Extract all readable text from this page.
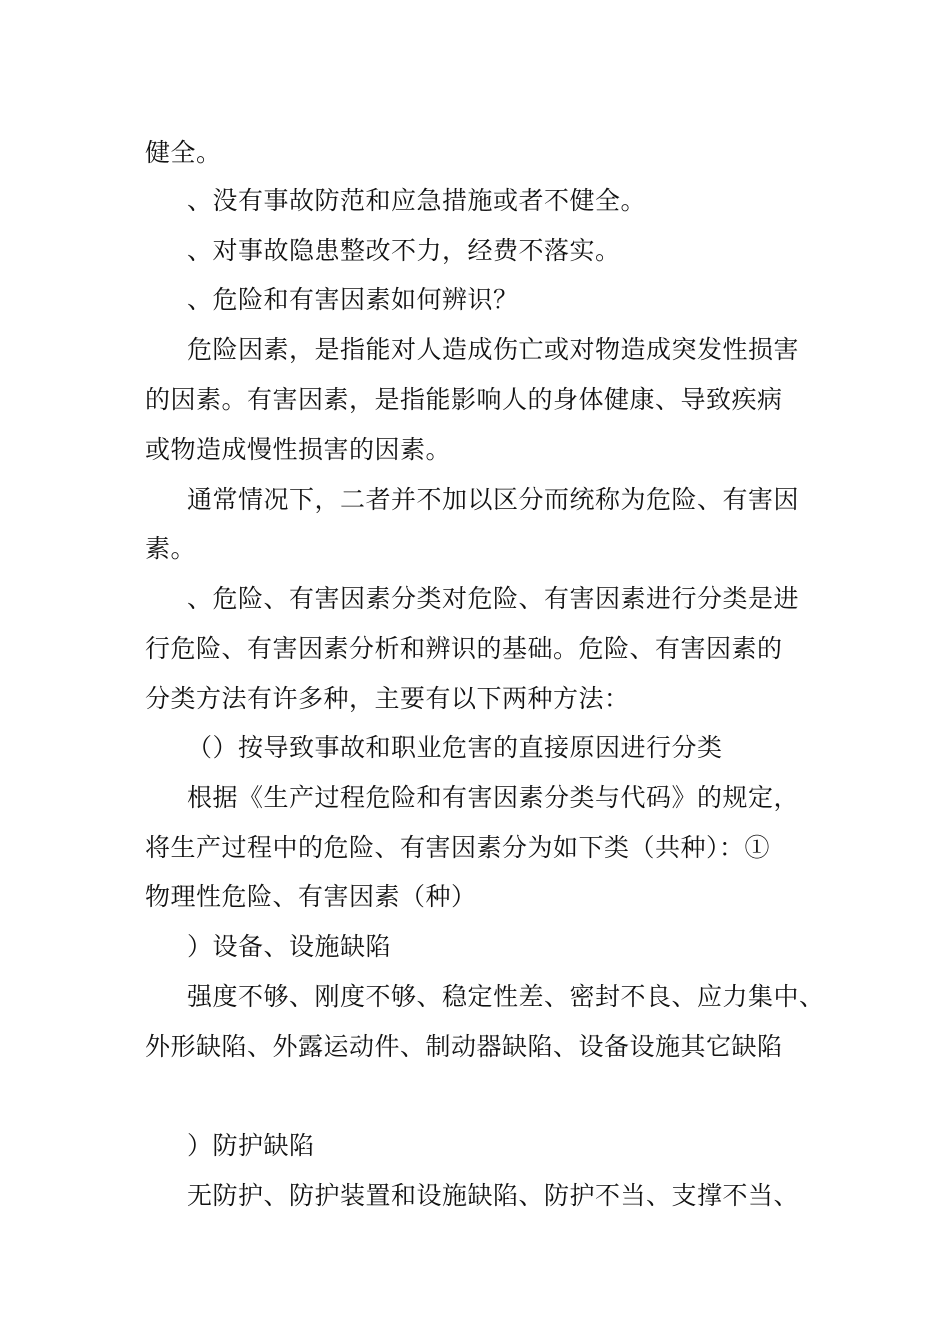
健全。

、没有事故防范和应急措施或者不健全。

、对事故隐患整改不力，经费不落实。

、危险和有害因素如何辨识？

危险因素，是指能对人造成伤亡或对物造成突发性损害

的因素。有害因素，是指能影响人的身体健康、导致疾病

或物造成慢性损害的因素。

通常情况下，二者并不加以区分而统称为危险、有害因

素。

、危险、有害因素分类对危险、有害因素进行分类是进

行危险、有害因素分析和辨识的基础。危险、有害因素的

分类方法有许多种，主要有以下两种方法：

（）按导致事故和职业危害的直接原因进行分类

根据《生产过程危险和有害因素分类与代码》的规定，

将生产过程中的危险、有害因素分为如下类（共种）：①

物理性危险、有害因素（种）

）设备、设施缺陷

强度不够、刚度不够、稳定性差、密封不良、应力集中、

外形缺陷、外露运动件、制动器缺陷、设备设施其它缺陷

）防护缺陷

无防护、防护装置和设施缺陷、防护不当、支撑不当、
